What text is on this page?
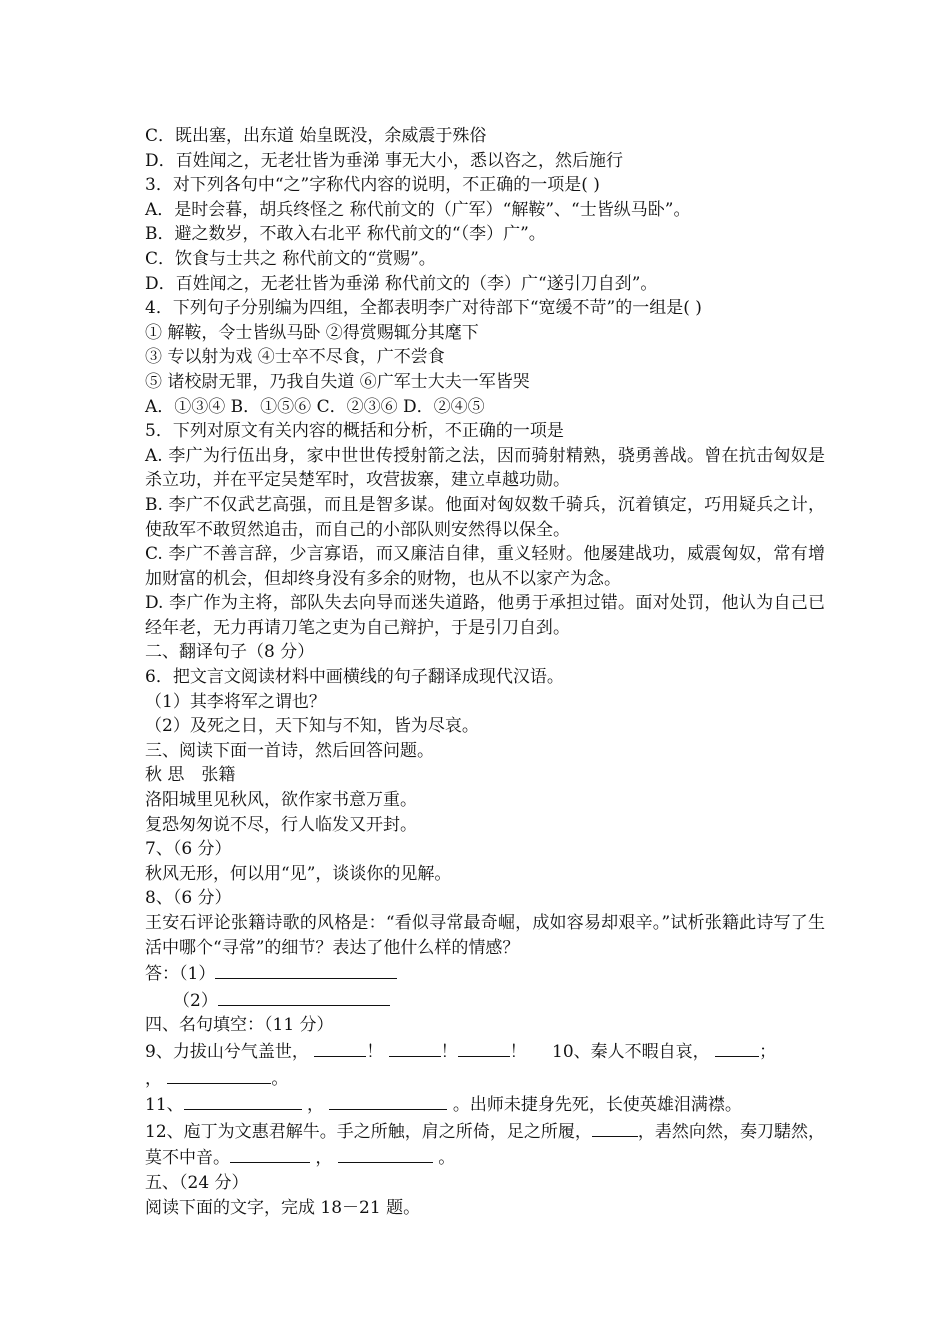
C．既出塞，出东道 始皇既没，余威震于殊俗
D．百姓闻之，无老壮皆为垂涕 事无大小，悉以咨之，然后施行
3．对下列各句中“之”字称代内容的说明，不正确的一项是( )
A．是时会暮，胡兵终怪之 称代前文的（广军）“解鞍”、“士皆纵马卧”。
B．避之数岁，不敢入右北平 称代前文的“（李）广”。
C．饮食与士共之 称代前文的“赏赐”。
D．百姓闻之，无老壮皆为垂涕 称代前文的（李）广“遂引刀自刭”。
4．下列句子分别编为四组，全都表明李广对待部下“宽缓不苛”的一组是( )
① 解鞍，令士皆纵马卧 ②得赏赐辄分其麾下
③ 专以射为戏 ④士卒不尽食，广不尝食
⑤ 诸校尉无罪，乃我自失道 ⑥广军士大夫一军皆哭
A．①③④ B．①⑤⑥ C．②③⑥ D．②④⑤
5．下列对原文有关内容的概括和分析，不正确的一项是
A. 李广为行伍出身，家中世世传授射箭之法，因而骑射精熟，骁勇善战。曾在抗击匈奴是杀立功，并在平定吴楚军时，攻营拔寨，建立卓越功勋。
B. 李广不仅武艺高强，而且是智多谋。他面对匈奴数千骑兵，沉着镇定，巧用疑兵之计，使敌军不敢贸然追击，而自己的小部队则安然得以保全。
C. 李广不善言辞，少言寡语，而又廉洁自律，重义轻财。他屡建战功，威震匈奴，常有增加财富的机会，但却终身没有多余的财物，也从不以家产为念。
D. 李广作为主将，部队失去向导而迷失道路，他勇于承担过错。面对处罚，他认为自己已经年老，无力再请刀笔之吏为自己辩护，于是引刀自刭。
二、翻译句子（8 分）
6．把文言文阅读材料中画横线的句子翻译成现代汉语。
（1）其李将军之谓也？
（2）及死之日，天下知与不知，皆为尽哀。
三、阅读下面一首诗，然后回答问题。
秋 思　张籍
洛阳城里见秋风，欲作家书意万重。
复恐匆匆说不尽，行人临发又开封。
7、（6 分）
秋风无形，何以用“见”，谈谈你的见解。
8、（6 分）
王安石评论张籍诗歌的风格是：“看似寻常最奇崛，成如容易却艰辛。”试析张籍此诗写了生活中哪个“寻常”的细节？表达了他什么样的情感？
答：（1）
（2）
四、名句填空：（11 分）
9、力拔山兮气盖世，	！	！	！ 10、秦人不暇自哀，	；
，	。
11、	，	。出师未捷身先死，长使英雄泪满襟。
12、庖丁为文惠君解牛。手之所触，肩之所倚，足之所履，	，砉然向然，奏刀騞然，莫不中音。	，	。
五、（24 分）
阅读下面的文字，完成 18－21 题。
